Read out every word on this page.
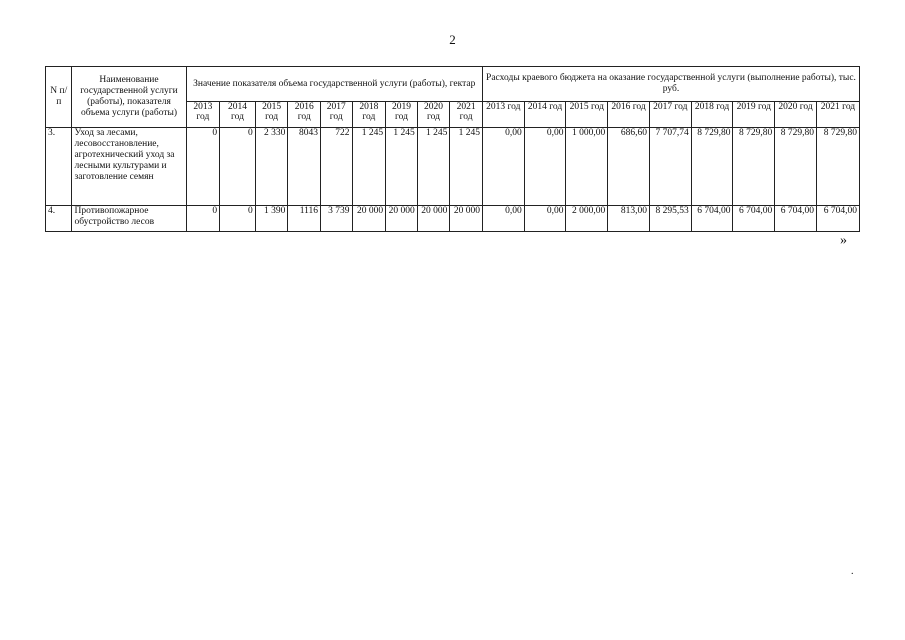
2
N п/п	Наименование государственной услуги (работы), показателя объема услуги (работы)	Значение показателя объема государственной услуги (работы), гектар									Расходы краевого бюджета на оказание государственной услуги (выполнение работы), тыс. руб.								
		2013 год	2014 год	2015 год	2016 год	2017 год	2018 год	2019 год	2020 год	2021 год	2013 год	2014 год	2015 год	2016 год	2017 год	2018 год	2019 год	2020 год	2021 год
3.	Уход за лесами, лесовосстановление, агротехнический уход за лесными культурами и заготовление семян	0	0	2 330	8043	722	1 245	1 245	1 245	1 245	0,00	0,00	1 000,00	686,60	7 707,74	8 729,80	8 729,80	8 729,80	8 729,80
4.	Противопожарное обустройство лесов	0	0	1 390	1116	3 739	20 000	20 000	20 000	20 000	0,00	0,00	2 000,00	813,00	8 295,53	6 704,00	6 704,00	6 704,00	6 704,00
»
.
